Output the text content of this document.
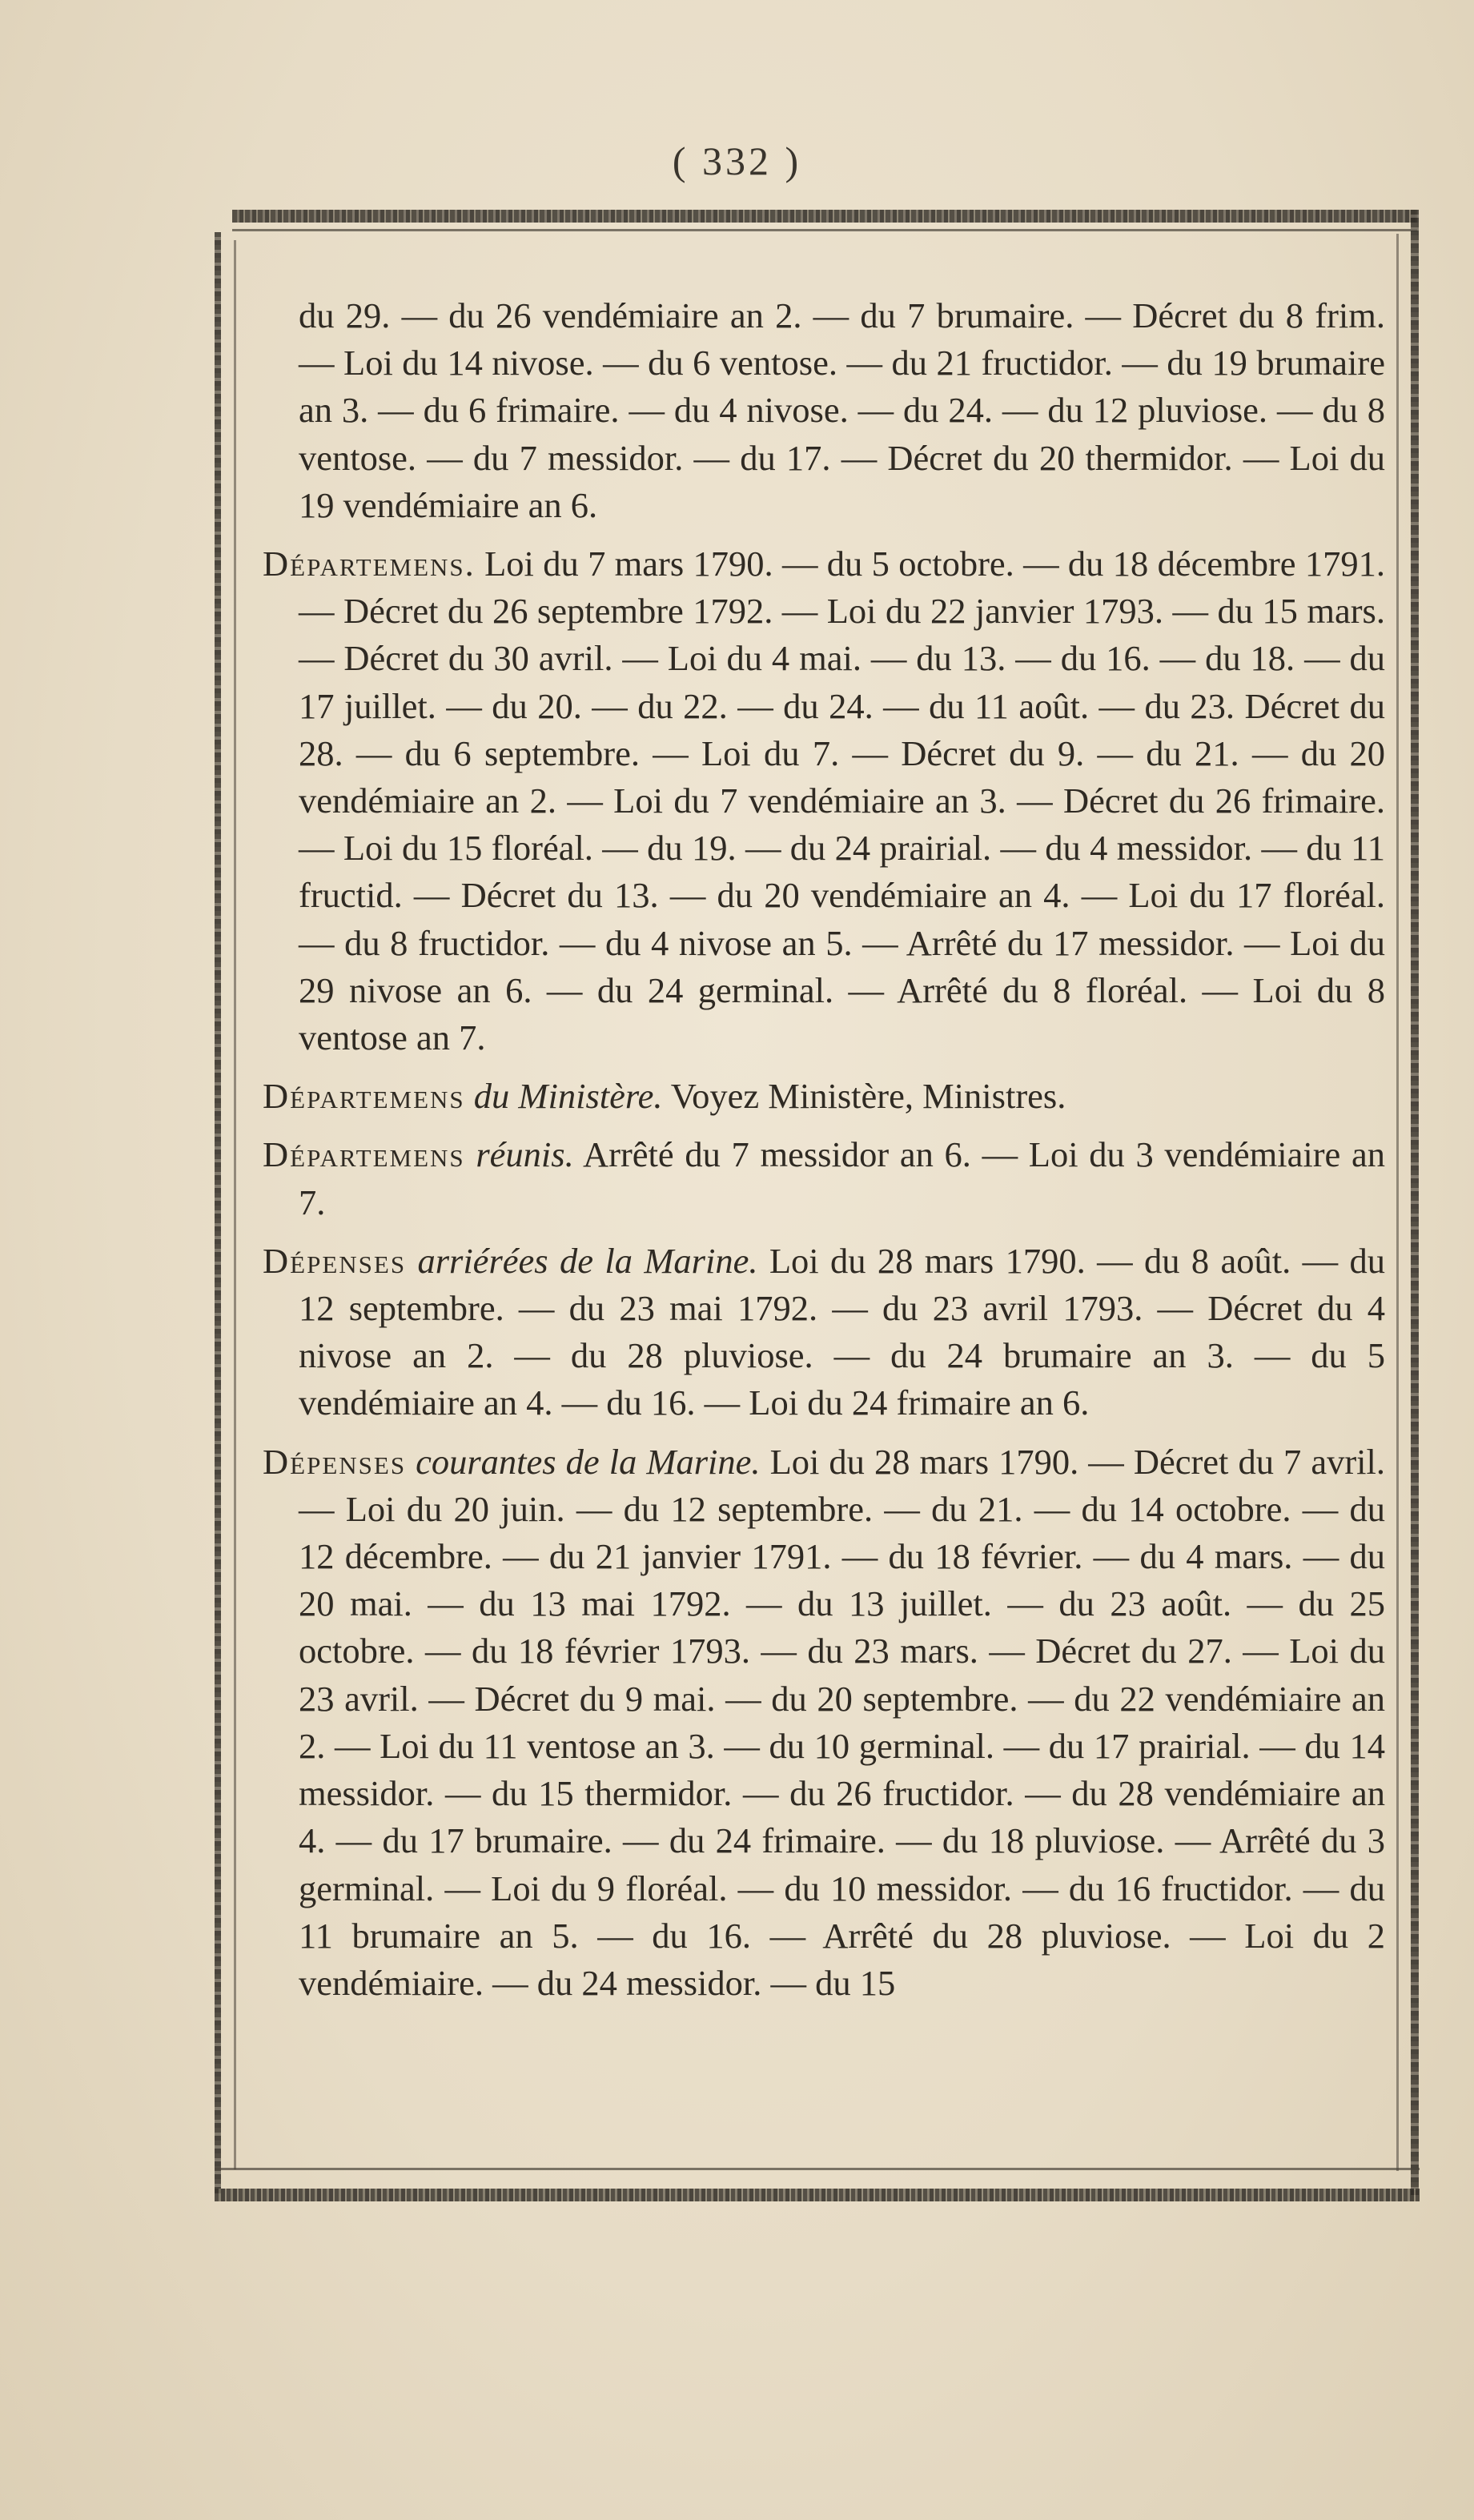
( 332 )

du 29. — du 26 vendémiaire an 2. — du 7 brumaire. — Décret du 8 frim. — Loi du 14 nivose. — du 6 ventose. — du 21 fructidor. — du 19 brumaire an 3. — du 6 frimaire. — du 4 nivose. — du 24. — du 12 pluviose. — du 8 ventose. — du 7 messidor. — du 17. — Décret du 20 thermidor. — Loi du 19 vendémiaire an 6.

Départemens. Loi du 7 mars 1790. — du 5 octobre. — du 18 décembre 1791. — Décret du 26 septembre 1792. — Loi du 22 janvier 1793. — du 15 mars. — Décret du 30 avril. — Loi du 4 mai. — du 13. — du 16. — du 18. — du 17 juillet. — du 20. — du 22. — du 24. — du 11 août. — du 23. Décret du 28. — du 6 septembre. — Loi du 7. — Décret du 9. — du 21. — du 20 vendémiaire an 2. — Loi du 7 vendémiaire an 3. — Décret du 26 frimaire. — Loi du 15 floréal. — du 19. — du 24 prairial. — du 4 messidor. — du 11 fructid. — Décret du 13. — du 20 vendémiaire an 4. — Loi du 17 floréal. — du 8 fructidor. — du 4 nivose an 5. — Arrêté du 17 messidor. — Loi du 29 nivose an 6. — du 24 germinal. — Arrêté du 8 floréal. — Loi du 8 ventose an 7.

Départemens du Ministère. Voyez Ministère, Ministres.

Départemens réunis. Arrêté du 7 messidor an 6. — Loi du 3 vendémiaire an 7.

Dépenses arriérées de la Marine. Loi du 28 mars 1790. — du 8 août. — du 12 septembre. — du 23 mai 1792. — du 23 avril 1793. — Décret du 4 nivose an 2. — du 28 pluviose. — du 24 brumaire an 3. — du 5 vendémiaire an 4. — du 16. — Loi du 24 frimaire an 6.

Dépenses courantes de la Marine. Loi du 28 mars 1790. — Décret du 7 avril. — Loi du 20 juin. — du 12 septembre. — du 21. — du 14 octobre. — du 12 décembre. — du 21 janvier 1791. — du 18 février. — du 4 mars. — du 20 mai. — du 13 mai 1792. — du 13 juillet. — du 23 août. — du 25 octobre. — du 18 février 1793. — du 23 mars. — Décret du 27. — Loi du 23 avril. — Décret du 9 mai. — du 20 septembre. — du 22 vendémiaire an 2. — Loi du 11 ventose an 3. — du 10 germinal. — du 17 prairial. — du 14 messidor. — du 15 thermidor. — du 26 fructidor. — du 28 vendémiaire an 4. — du 17 brumaire. — du 24 frimaire. — du 18 pluviose. — Arrêté du 3 germinal. — Loi du 9 floréal. — du 10 messidor. — du 16 fructidor. — du 11 brumaire an 5. — du 16. — Arrêté du 28 pluviose. — Loi du 2 vendémiaire. — du 24 messidor. — du 15
